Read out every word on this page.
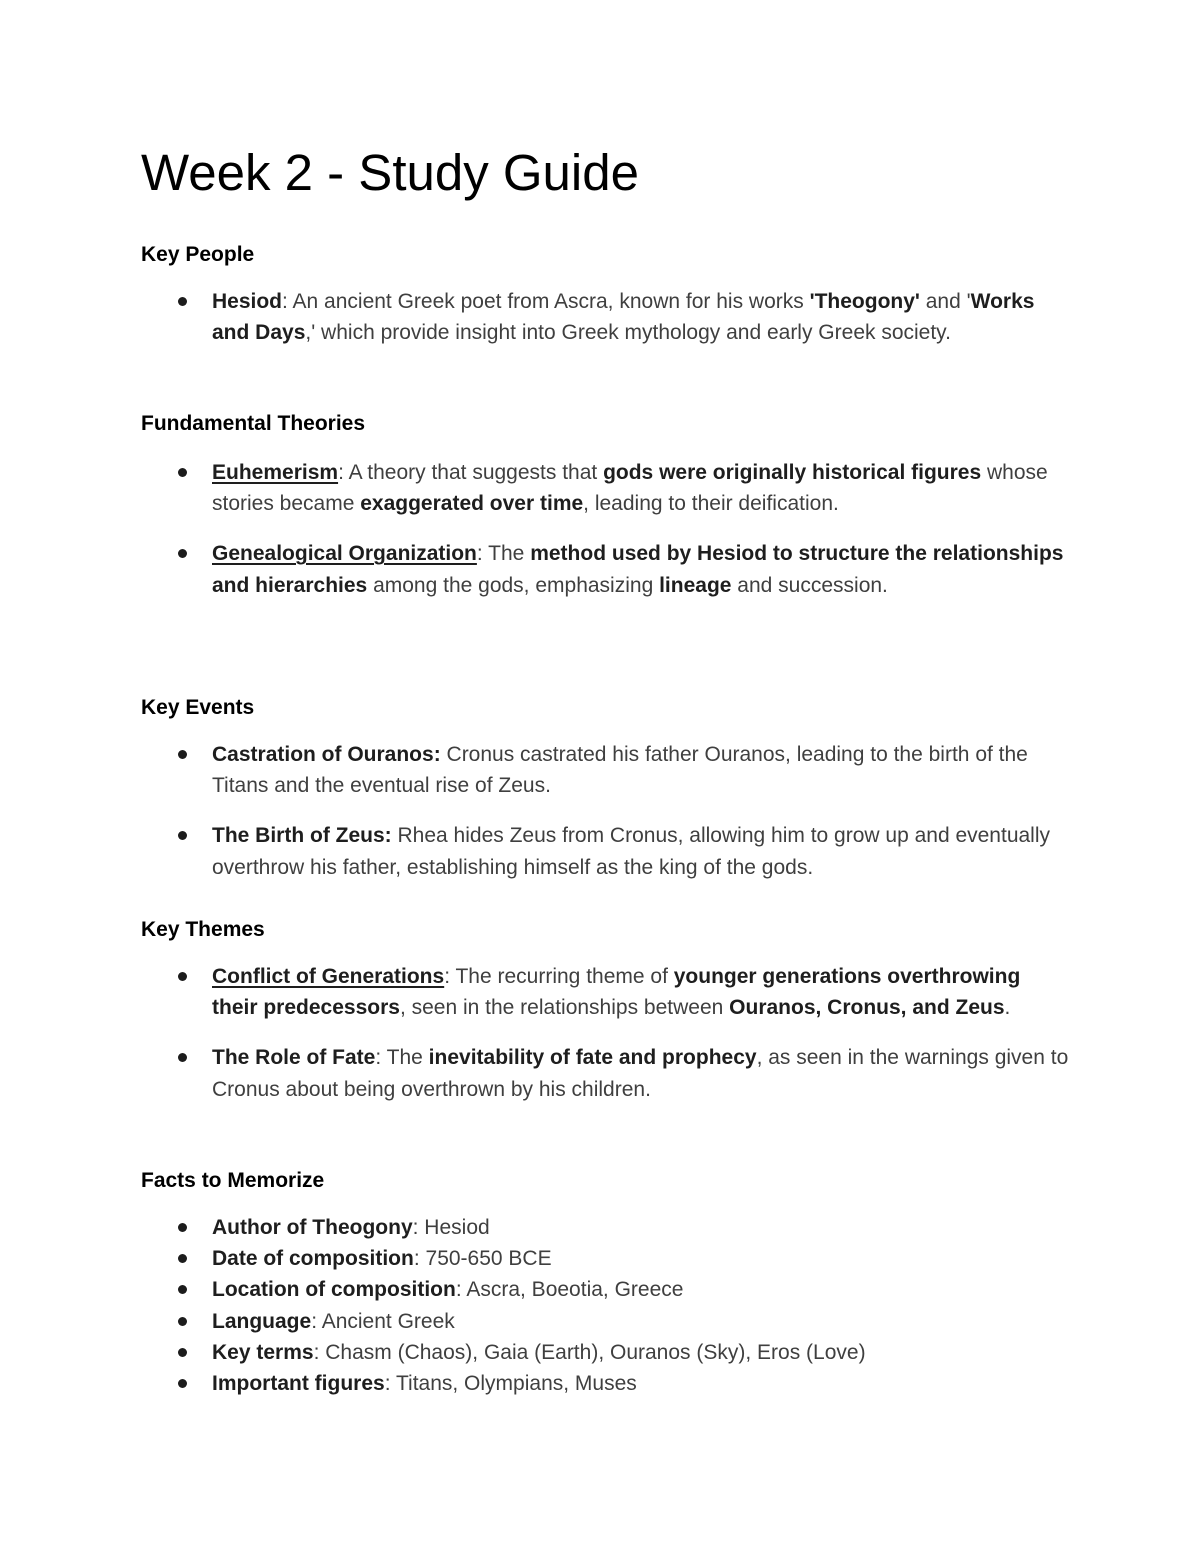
Week 2 - Study Guide
Key People
Hesiod: An ancient Greek poet from Ascra, known for his works 'Theogony' and 'Works and Days,' which provide insight into Greek mythology and early Greek society.
Fundamental Theories
Euhemerism: A theory that suggests that gods were originally historical figures whose stories became exaggerated over time, leading to their deification.
Genealogical Organization: The method used by Hesiod to structure the relationships and hierarchies among the gods, emphasizing lineage and succession.
Key Events
Castration of Ouranos: Cronus castrated his father Ouranos, leading to the birth of the Titans and the eventual rise of Zeus.
The Birth of Zeus: Rhea hides Zeus from Cronus, allowing him to grow up and eventually overthrow his father, establishing himself as the king of the gods.
Key Themes
Conflict of Generations: The recurring theme of younger generations overthrowing their predecessors, seen in the relationships between Ouranos, Cronus, and Zeus.
The Role of Fate: The inevitability of fate and prophecy, as seen in the warnings given to Cronus about being overthrown by his children.
Facts to Memorize
Author of Theogony: Hesiod
Date of composition: 750-650 BCE
Location of composition: Ascra, Boeotia, Greece
Language: Ancient Greek
Key terms: Chasm (Chaos), Gaia (Earth), Ouranos (Sky), Eros (Love)
Important figures: Titans, Olympians, Muses
